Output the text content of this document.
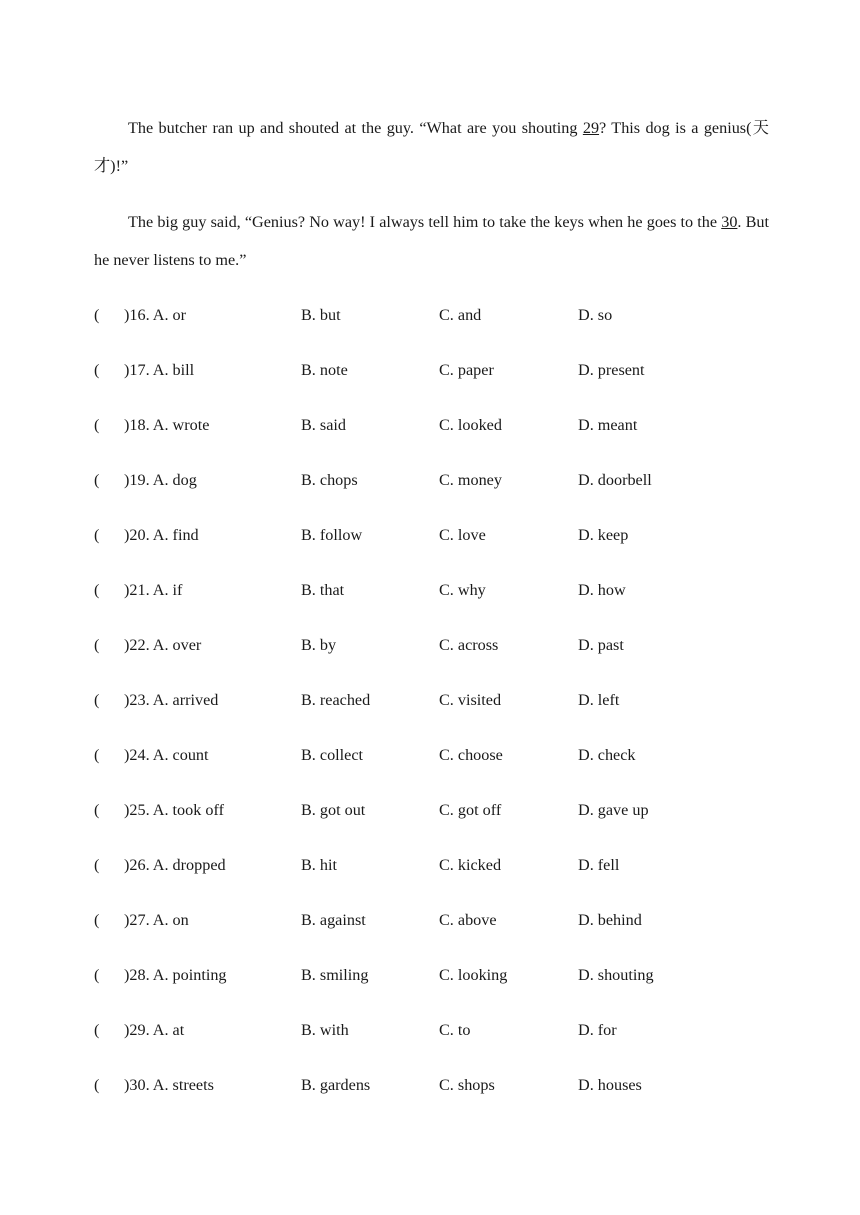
The butcher ran up and shouted at the guy. “What are you shouting 29? This dog is a genius(天才)!”

The big guy said, “Genius? No way! I always tell him to take the keys when he goes to the 30. But he never listens to me.”

( )16. A. or	B. but	C. and	D. so
( )17. A. bill	B. note	C. paper	D. present
( )18. A. wrote	B. said	C. looked	D. meant
( )19. A. dog	B. chops	C. money	D. doorbell
( )20. A. find	B. follow	C. love	D. keep
( )21. A. if	B. that	C. why	D. how
( )22. A. over	B. by	C. across	D. past
( )23. A. arrived	B. reached	C. visited	D. left
( )24. A. count	B. collect	C. choose	D. check
( )25. A. took off	B. got out	C. got off	D. gave up
( )26. A. dropped	B. hit	C. kicked	D. fell
( )27. A. on	B. against	C. above	D. behind
( )28. A. pointing	B. smiling	C. looking	D. shouting
( )29. A. at	B. with	C. to	D. for
( )30. A. streets	B. gardens	C. shops	D. houses
